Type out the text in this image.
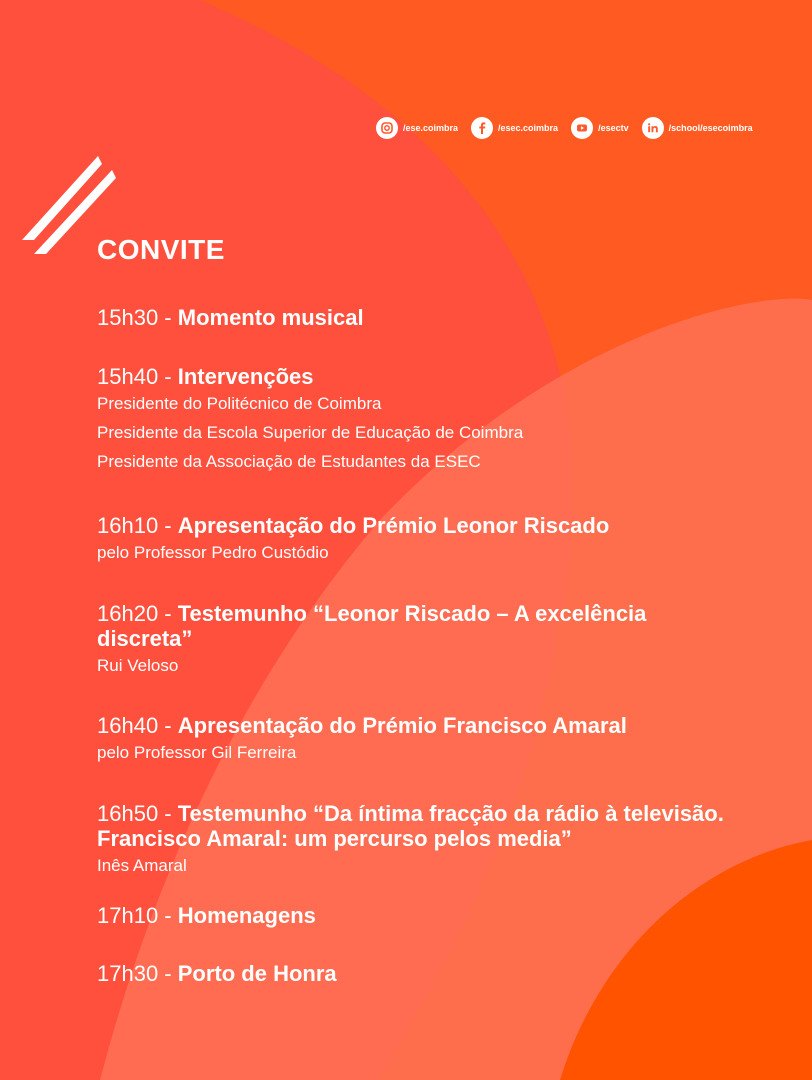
/ese.coimbra	/esec.coimbra	/esectv	/school/esecoimbra
CONVITE

15h30 - Momento musical

15h40 - Intervenções

Presidente do Politécnico de Coimbra

Presidente da Escola Superior de Educação de Coimbra

Presidente da Associação de Estudantes da ESEC

16h10 - Apresentação do Prémio Leonor Riscado

pelo Professor Pedro Custódio

16h20 - Testemunho “Leonor Riscado – A excelência discreta”

Rui Veloso

16h40 - Apresentação do Prémio Francisco Amaral

pelo Professor Gil Ferreira

16h50 - Testemunho “Da íntima fracção da rádio à televisão. Francisco Amaral: um percurso pelos media”

Inês Amaral

17h10 - Homenagens

17h30 - Porto de Honra
